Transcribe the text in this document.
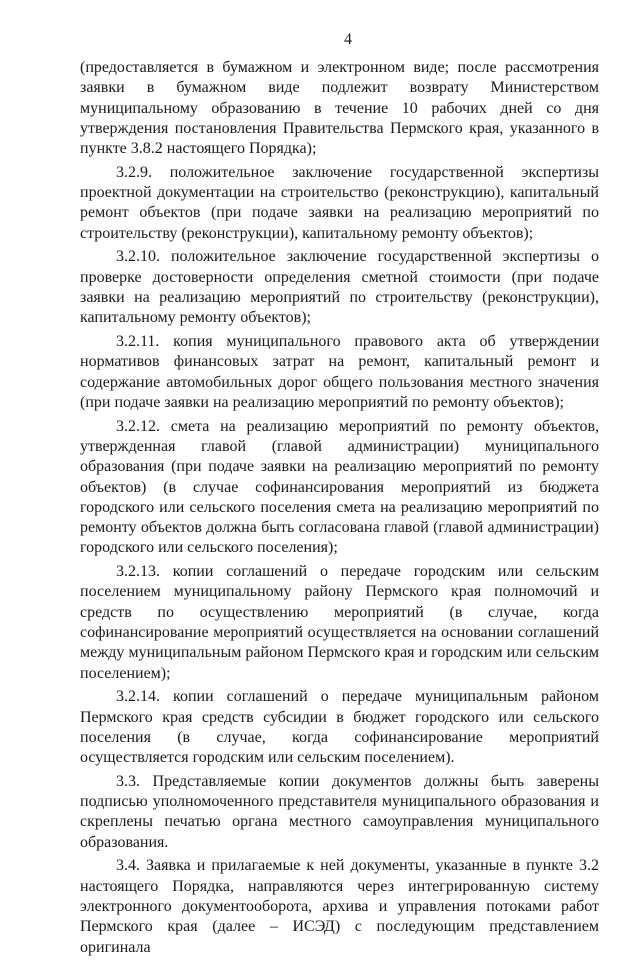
4

(предоставляется в бумажном и электронном виде; после рассмотрения заявки в бумажном виде подлежит возврату Министерством муниципальному образованию в течение 10 рабочих дней со дня утверждения постановления Правительства Пермского края, указанного в пункте 3.8.2 настоящего Порядка);

3.2.9. положительное заключение государственной экспертизы проектной документации на строительство (реконструкцию), капитальный ремонт объектов (при подаче заявки на реализацию мероприятий по строительству (реконструкции), капитальному ремонту объектов);

3.2.10. положительное заключение государственной экспертизы о проверке достоверности определения сметной стоимости (при подаче заявки на реализацию мероприятий по строительству (реконструкции), капитальному ремонту объектов);

3.2.11. копия муниципального правового акта об утверждении нормативов финансовых затрат на ремонт, капитальный ремонт и содержание автомобильных дорог общего пользования местного значения (при подаче заявки на реализацию мероприятий по ремонту объектов);

3.2.12. смета на реализацию мероприятий по ремонту объектов, утвержденная главой (главой администрации) муниципального образования (при подаче заявки на реализацию мероприятий по ремонту объектов) (в случае софинансирования мероприятий из бюджета городского или сельского поселения смета на реализацию мероприятий по ремонту объектов должна быть согласована главой (главой администрации) городского или сельского поселения);

3.2.13. копии соглашений о передаче городским или сельским поселением муниципальному району Пермского края полномочий и средств по осуществлению мероприятий (в случае, когда софинансирование мероприятий осуществляется на основании соглашений между муниципальным районом Пермского края и городским или сельским поселением);

3.2.14. копии соглашений о передаче муниципальным районом Пермского края средств субсидии в бюджет городского или сельского поселения (в случае, когда софинансирование мероприятий осуществляется городским или сельским поселением).

3.3. Представляемые копии документов должны быть заверены подписью уполномоченного представителя муниципального образования и скреплены печатью органа местного самоуправления муниципального образования.

3.4. Заявка и прилагаемые к ней документы, указанные в пункте 3.2 настоящего Порядка, направляются через интегрированную систему электронного документооборота, архива и управления потоками работ Пермского края (далее – ИСЭД) с последующим представлением оригинала
